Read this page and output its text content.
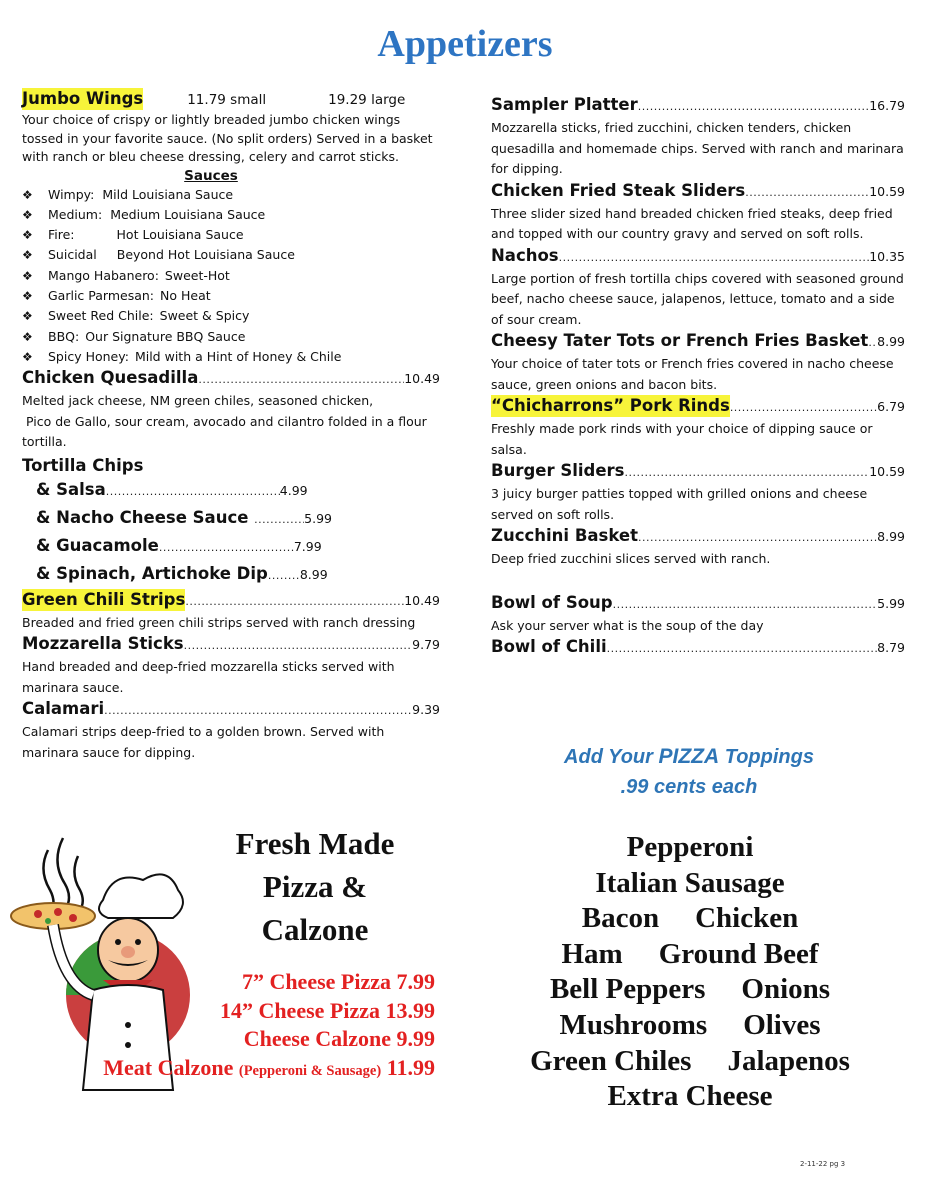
Appetizers
Jumbo Wings	11.79 small	19.29 large
Your choice of crispy or lightly breaded jumbo chicken wings tossed in your favorite sauce. (No split orders) Served in a basket with ranch or bleu cheese dressing, celery and carrot sticks.
Sauces
❖	Wimpy: Mild Louisiana Sauce
❖	Medium: Medium Louisiana Sauce
❖	Fire:	Hot Louisiana Sauce
❖	Suicidal Beyond Hot Louisiana Sauce
❖	Mango Habanero: Sweet-Hot
❖	Garlic Parmesan: No Heat
❖	Sweet Red Chile: Sweet & Spicy
❖	BBQ: Our Signature BBQ Sauce
❖	Spicy Honey: Mild with a Hint of Honey & Chile
Chicken Quesadilla .....	10.49
Melted jack cheese, NM green chiles, seasoned chicken,
Pico de Gallo, sour cream, avocado and cilantro folded in a flour tortilla.
Tortilla Chips
& Salsa .....	4.99
& Nacho Cheese Sauce .....	5.99
& Guacamole .....	7.99
& Spinach, Artichoke Dip .....	8.99
Green Chili Strips .....	10.49
Breaded and fried green chili strips served with ranch dressing
Mozzarella Sticks .....	9.79
Hand breaded and deep-fried mozzarella sticks served with marinara sauce.
Calamari .....	9.39
Calamari strips deep-fried to a golden brown. Served with marinara sauce for dipping.
Sampler Platter .....	16.79
Mozzarella sticks, fried zucchini, chicken tenders, chicken quesadilla and homemade chips. Served with ranch and marinara for dipping.
Chicken Fried Steak Sliders .....	10.59
Three slider sized hand breaded chicken fried steaks, deep fried and topped with our country gravy and served on soft rolls.
Nachos .....	10.35
Large portion of fresh tortilla chips covered with seasoned ground beef, nacho cheese sauce, jalapenos, lettuce, tomato and a side of sour cream.
Cheesy Tater Tots or French Fries Basket ..... 8.99
Your choice of tater tots or French fries covered in nacho cheese sauce, green onions and bacon bits.
“Chicharrons” Pork Rinds .....	6.79
Freshly made pork rinds with your choice of dipping sauce or salsa.
Burger Sliders .....	10.59
3 juicy burger patties topped with grilled onions and cheese served on soft rolls.
Zucchini Basket .....	8.99
Deep fried zucchini slices served with ranch.
Bowl of Soup .....	5.99
Ask your server what is the soup of the day
Bowl of Chili .....	8.79
Fresh Made
Pizza &
Calzone
7” Cheese Pizza 7.99
14” Cheese Pizza 13.99
Cheese Calzone 9.99
Meat Calzone (Pepperoni & Sausage) 11.99
Add Your PIZZA Toppings
.99 cents each
Pepperoni
Italian Sausage
Bacon Chicken
Ham Ground Beef
Bell Peppers Onions
Mushrooms Olives
Green Chiles Jalapenos
Extra Cheese
2-11-22 pg 3
